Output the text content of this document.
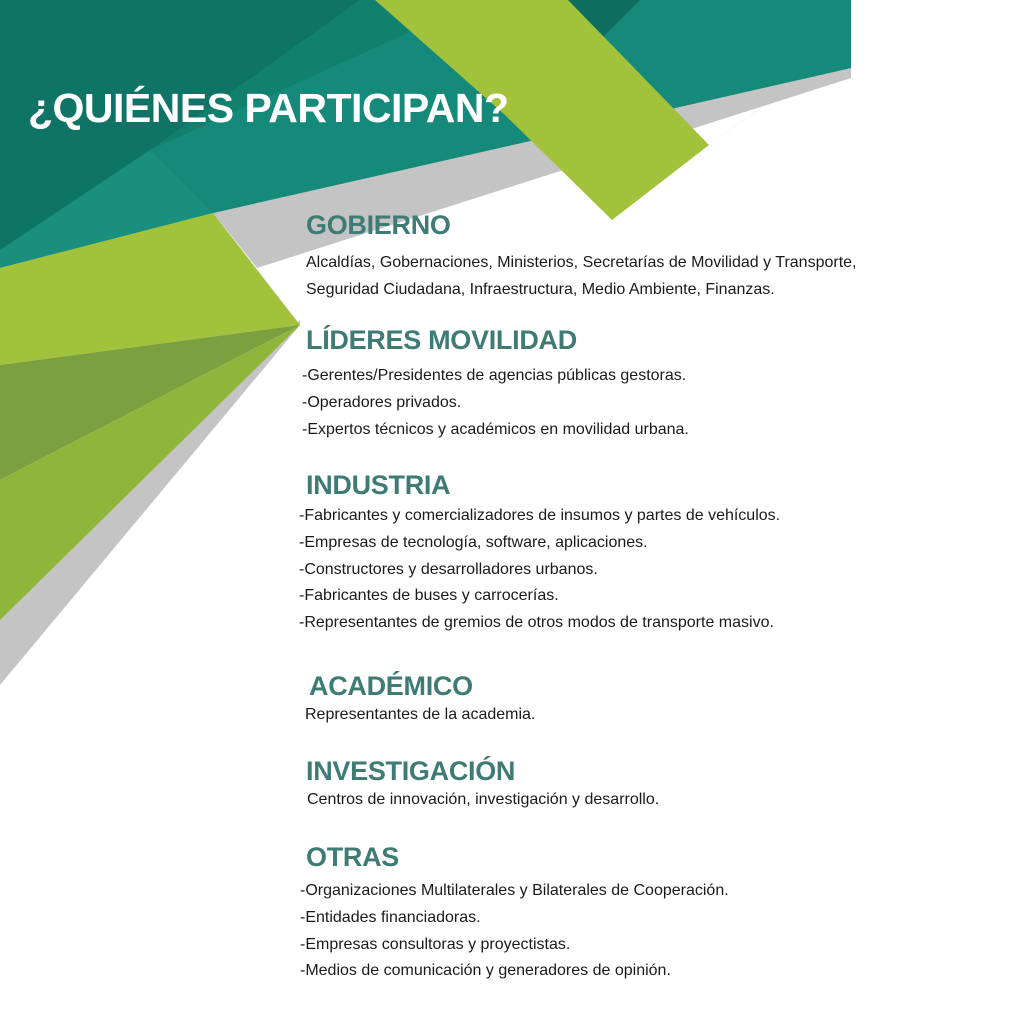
¿QUIÉNES PARTICIPAN?
GOBIERNO

Alcaldías, Gobernaciones, Ministerios, Secretarías de Movilidad y Transporte,

Seguridad Ciudadana, Infraestructura, Medio Ambiente, Finanzas.

LÍDERES MOVILIDAD

-Gerentes/Presidentes de agencias públicas gestoras.

-Operadores privados.

-Expertos técnicos y académicos en movilidad urbana.

INDUSTRIA

-Fabricantes y comercializadores de insumos y partes de vehículos.

-Empresas de tecnología, software, aplicaciones.

-Constructores y desarrolladores urbanos.

-Fabricantes de buses y carrocerías.

-Representantes de gremios de otros modos de transporte masivo.

ACADÉMICO

Representantes de la academia.

INVESTIGACIÓN

Centros de innovación, investigación y desarrollo.

OTRAS

-Organizaciones Multilaterales y Bilaterales de Cooperación.

-Entidades financiadoras.

-Empresas consultoras y proyectistas.

-Medios de comunicación y generadores de opinión.
